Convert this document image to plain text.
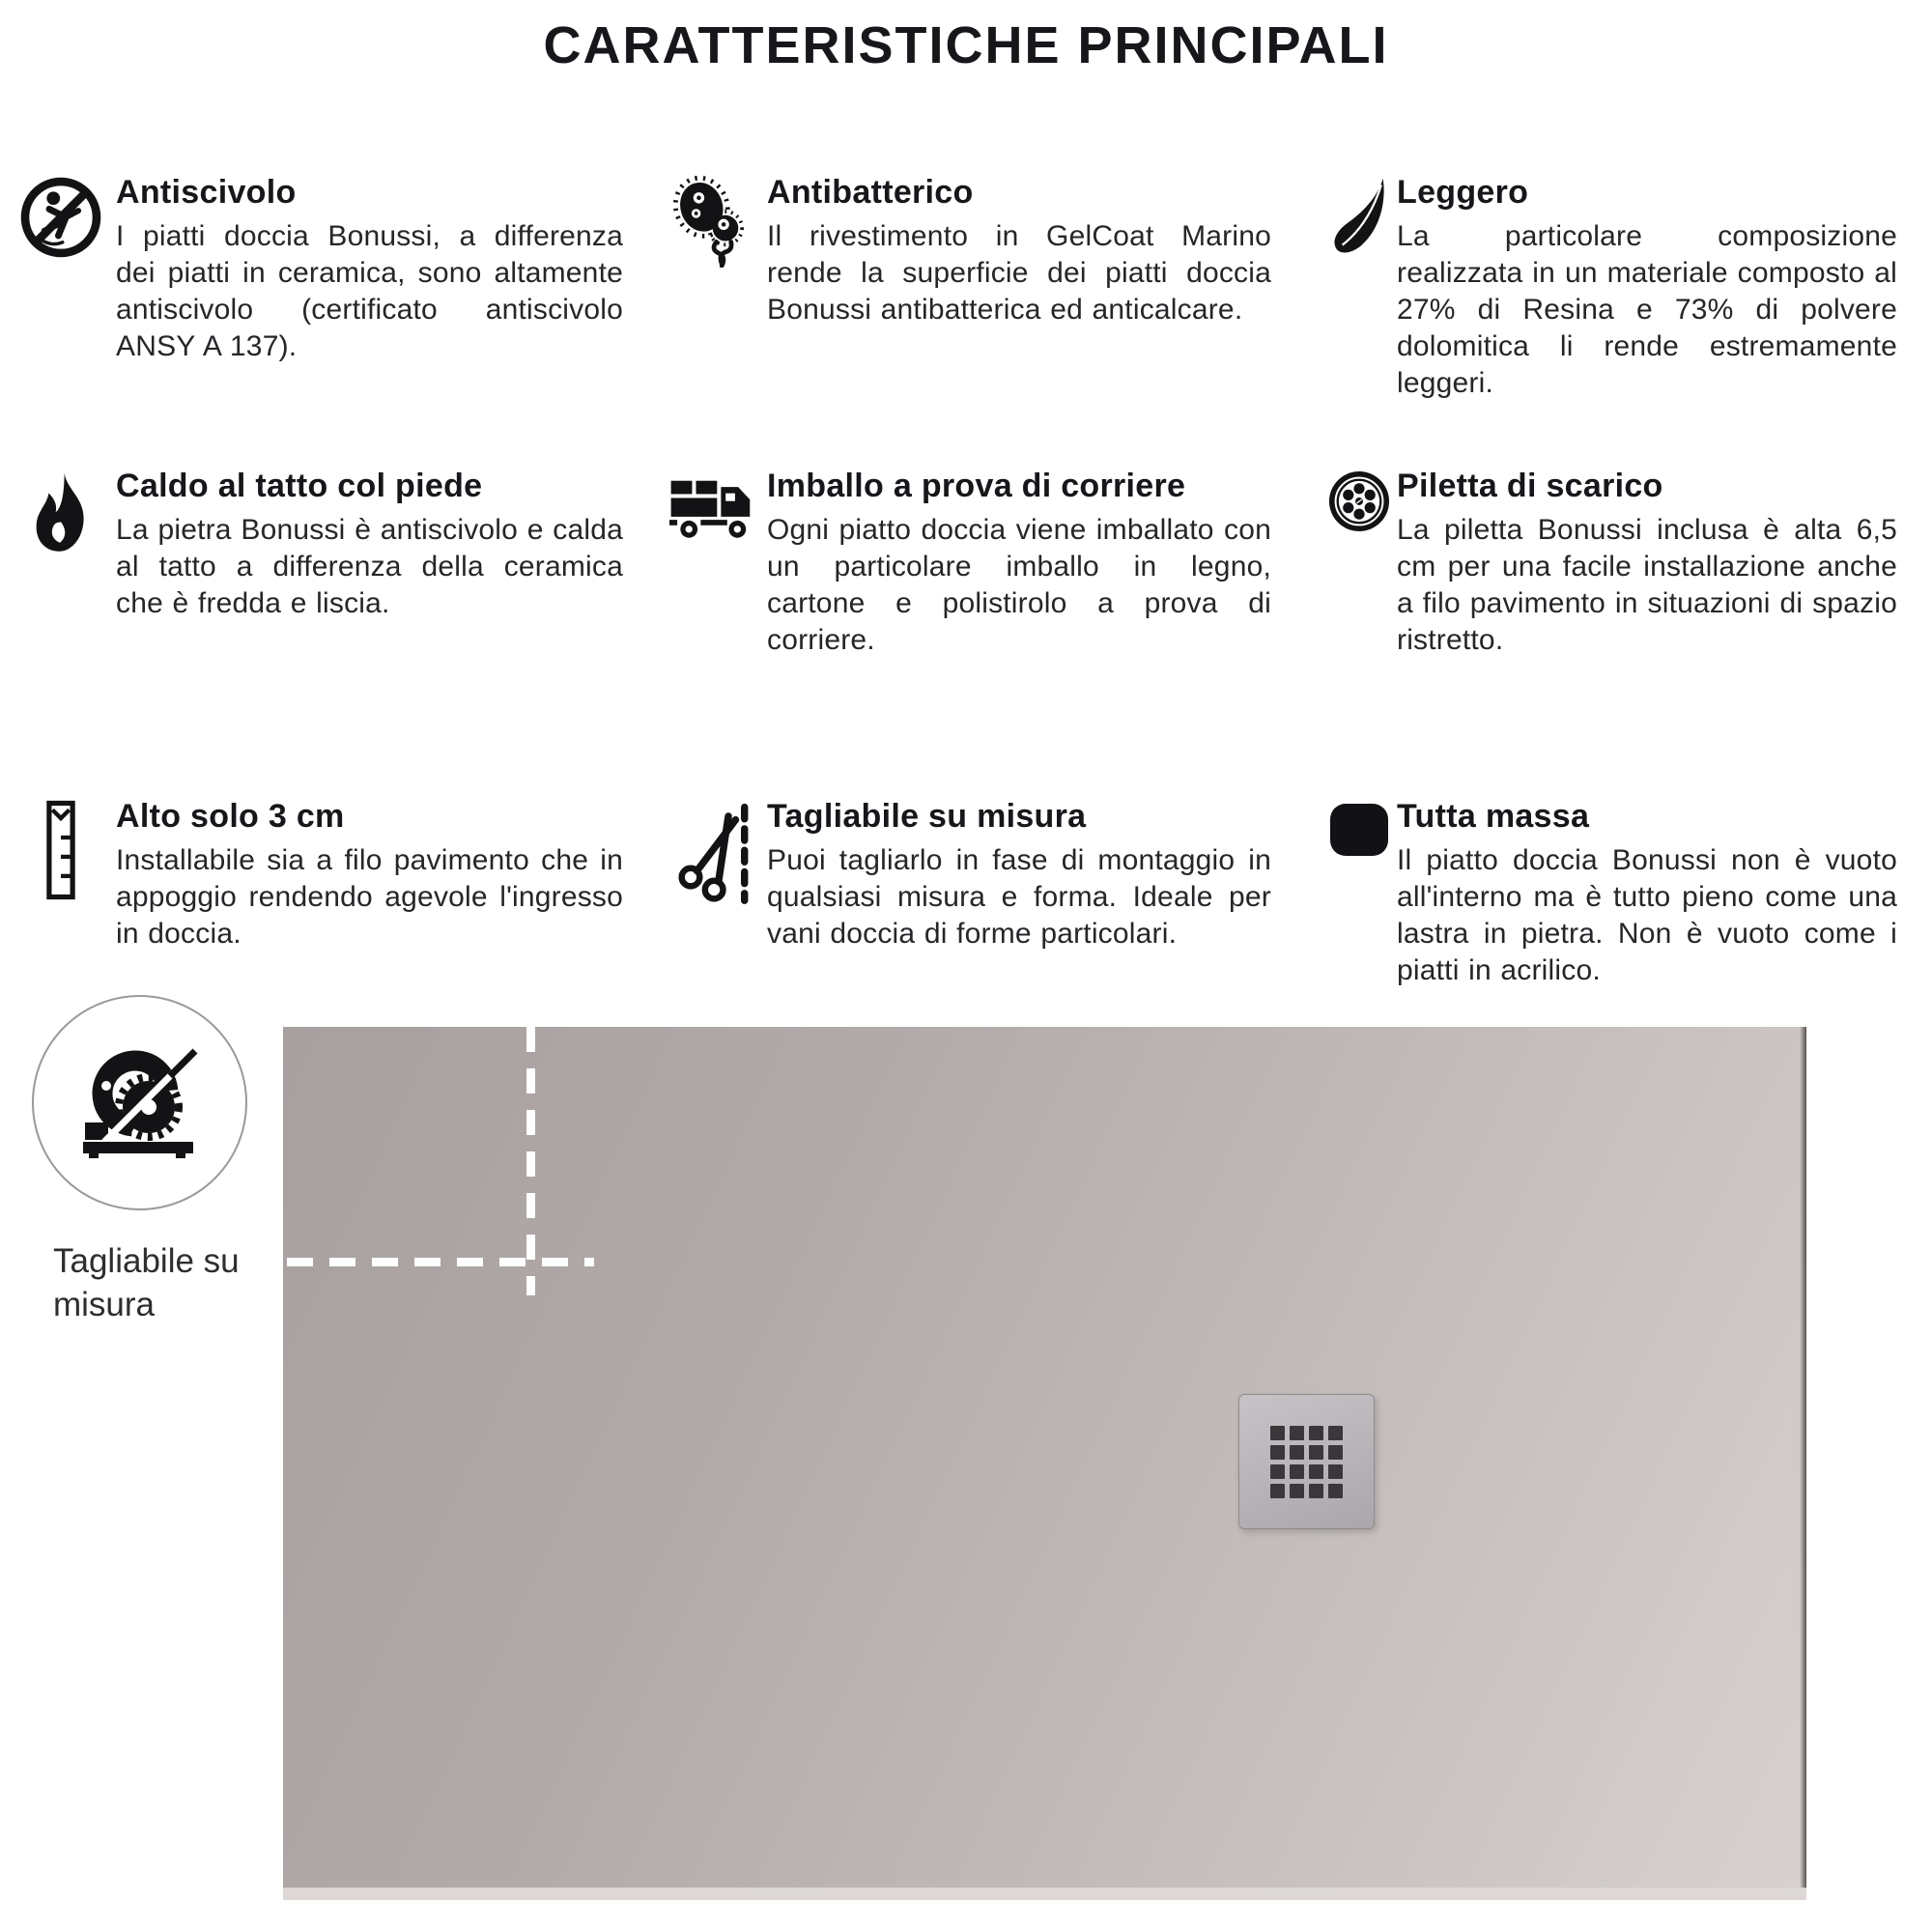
CARATTERISTICHE PRINCIPALI
Antiscivolo

I piatti doccia Bonussi, a differenza dei piatti in ceramica, sono altamente antiscivolo (certificato antiscivolo ANSY A 137).

Antibatterico

Il rivestimento in GelCoat Marino rende la superficie dei piatti doccia Bonussi antibatterica ed anticalcare.

Leggero

La particolare composizione realizzata in un materiale composto al 27% di Resina e 73% di polvere dolomitica li rende estremamente leggeri.

Caldo al tatto col piede

La pietra Bonussi è antiscivolo e calda al tatto a differenza della ceramica che è fredda e liscia.

Imballo a prova di corriere

Ogni piatto doccia viene imballato con un particolare imballo in legno, cartone e polistirolo a prova di corriere.

Piletta di scarico

La piletta Bonussi inclusa è alta 6,5 cm per una facile installazione anche a filo pavimento in situazioni di spazio ristretto.

Alto solo 3 cm

Installabile sia a filo pavimento che in appoggio rendendo agevole l'ingresso in doccia.

Tagliabile su misura

Puoi tagliarlo in fase di montaggio in qualsiasi misura e forma. Ideale per vani doccia di forme particolari.

Tutta massa

Il piatto doccia Bonussi non è vuoto all'interno ma è tutto pieno come una lastra in pietra. Non è vuoto come i piatti in acrilico.

Tagliabile su misura
